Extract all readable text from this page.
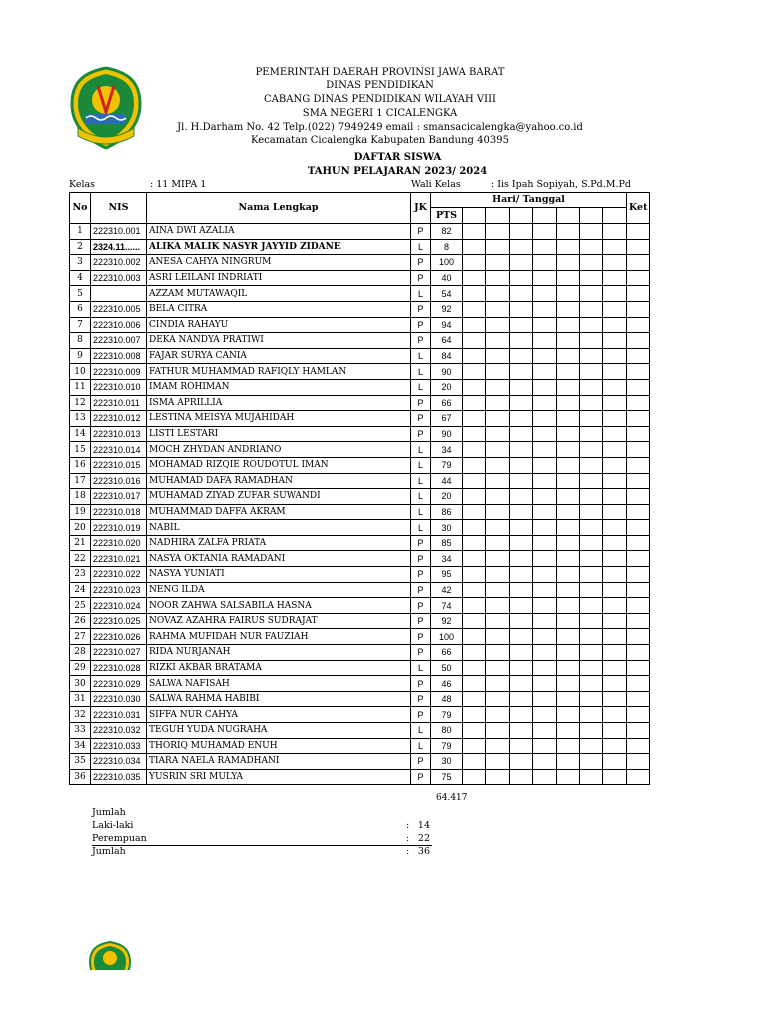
PEMERINTAH DAERAH PROVINSI JAWA BARAT
DINAS PENDIDIKAN
CABANG DINAS PENDIDIKAN WILAYAH VIII
SMA NEGERI 1 CICALENGKA
Jl. H.Darham No. 42 Telp.(022) 7949249 email : smansacicalengka@yahoo.co.id
Kecamatan Cicalengka Kabupaten Bandung 40395
DAFTAR SISWA
TAHUN PELAJARAN 2023/ 2024
Kelas	: 11 MIPA 1	Wali Kelas	: Iis Ipah Sopiyah, S.Pd.M.Pd
No	NIS	Nama Lengkap	JK	Hari/ Tanggal								Ket
				PTS								
1	222310.001	AINA DWI AZALIA	P	82								
2	2324.11......	ALIKA MALIK NASYR JAYYID ZIDANE	L	8								
3	222310.002	ANESA CAHYA NINGRUM	P	100								
4	222310.003	ASRI LEILANI INDRIATI	P	40								
5		AZZAM MUTAWAQIL	L	54								
6	222310.005	BELA CITRA	P	92								
7	222310.006	CINDIA RAHAYU	P	94								
8	222310.007	DEKA NANDYA PRATIWI	P	64								
9	222310.008	FAJAR SURYA CANIA	L	84								
10	222310.009	FATHUR MUHAMMAD RAFIQLY HAMLAN	L	90								
11	222310.010	IMAM ROHIMAN	L	20								
12	222310.011	ISMA APRILLIA	P	66								
13	222310.012	LESTINA MEISYA MUJAHIDAH	P	67								
14	222310.013	LISTI LESTARI	P	90								
15	222310.014	MOCH ZHYDAN ANDRIANO	L	34								
16	222310.015	MOHAMAD RIZQIE ROUDOTUL IMAN	L	79								
17	222310.016	MUHAMAD DAFA RAMADHAN	L	44								
18	222310.017	MUHAMAD ZIYAD ZUFAR SUWANDI	L	20								
19	222310.018	MUHAMMAD DAFFA AKRAM	L	86								
20	222310.019	NABIL	L	30								
21	222310.020	NADHIRA ZALFA PRIATA	P	85								
22	222310.021	NASYA OKTANIA RAMADANI	P	34								
23	222310.022	NASYA YUNIATI	P	95								
24	222310.023	NENG ILDA	P	42								
25	222310.024	NOOR ZAHWA SALSABILA HASNA	P	74								
26	222310.025	NOVAZ AZAHRA FAIRUS SUDRAJAT	P	92								
27	222310.026	RAHMA MUFIDAH NUR FAUZIAH	P	100								
28	222310.027	RIDA NURJANAH	P	66								
29	222310.028	RIZKI AKBAR BRATAMA	L	50								
30	222310.029	SALWA NAFISAH	P	46								
31	222310.030	SALWA RAHMA HABIBI	P	48								
32	222310.031	SIFFA NUR CAHYA	P	79								
33	222310.032	TEGUH YUDA NUGRAHA	L	80								
34	222310.033	THORIQ MUHAMAD ENUH	L	79								
35	222310.034	TIARA NAELA RAMADHANI	P	30								
36	222310.035	YUSRIN SRI MULYA	P	75								
64.417
Jumlah
Laki-laki	: 14
Perempuan	: 22
Jumlah	: 36
